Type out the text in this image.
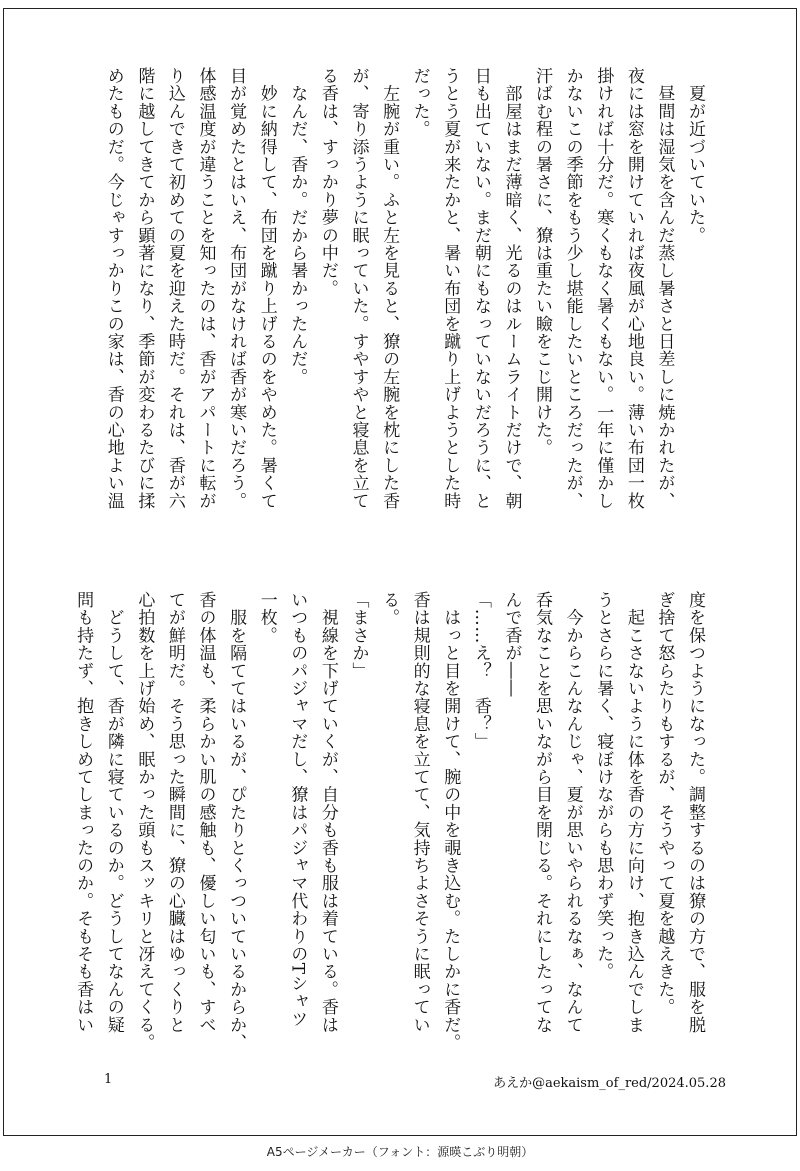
　夏が近づいていた。
　昼間は湿気を含んだ蒸し暑さと日差しに焼かれたが、
夜には窓を開けていれば夜風が心地良い。薄い布団一枚
掛ければ十分だ。寒くもなく暑くもない。一年に僅かし
かないこの季節をもう少し堪能したいところだったが、
汗ばむ程の暑さに、獠は重たい瞼をこじ開けた。
　部屋はまだ薄暗く、光るのはルームライトだけで、朝
日も出ていない。まだ朝にもなっていないだろうに、と
うとう夏が来たかと、暑い布団を蹴り上げようとした時
だった。
　左腕が重い。ふと左を見ると、獠の左腕を枕にした香
が、寄り添うように眠っていた。すやすやと寝息を立て
る香は、すっかり夢の中だ。
　なんだ、香か。だから暑かったんだ。
　妙に納得して、布団を蹴り上げるのをやめた。暑くて
目が覚めたとはいえ、布団がなければ香が寒いだろう。
体感温度が違うことを知ったのは、香がアパートに転が
り込んできて初めての夏を迎えた時だ。それは、香が六
階に越してきてから顕著になり、季節が変わるたびに揉
めたものだ。今じゃすっかりこの家は、香の心地よい温
度を保つようになった。調整するのは獠の方で、服を脱
ぎ捨て怒らたりもするが、そうやって夏を越えきた。
　起こさないように体を香の方に向け、抱き込んでしま
うとさらに暑く、寝ぼけながらも思わず笑った。
　今からこんなんじゃ、夏が思いやられるなぁ、なんて
呑気なことを思いながら目を閉じる。それにしたってな
んで香が――
「……え？　香？」
　はっと目を開けて、腕の中を覗き込む。たしかに香だ。
香は規則的な寝息を立てて、気持ちよさそうに眠ってい
る。
「まさか」
　視線を下げていくが、自分も香も服は着ている。香は
いつものパジャマだし、獠はパジャマ代わりのTシャツ
一枚。
　服を隔ててはいるが、ぴたりとくっついているからか、
香の体温も、柔らかい肌の感触も、優しい匂いも、すべ
てが鮮明だ。そう思った瞬間に、獠の心臓はゆっくりと
心拍数を上げ始め、眠かった頭もスッキリと冴えてくる。
　どうして、香が隣に寝ているのか。どうしてなんの疑
問も持たず、抱きしめてしまったのか。そもそも香はい
1	あえか@aekaism_of_red/2024.05.28
A5ページメーカー（フォント：源暎こぶり明朝）
